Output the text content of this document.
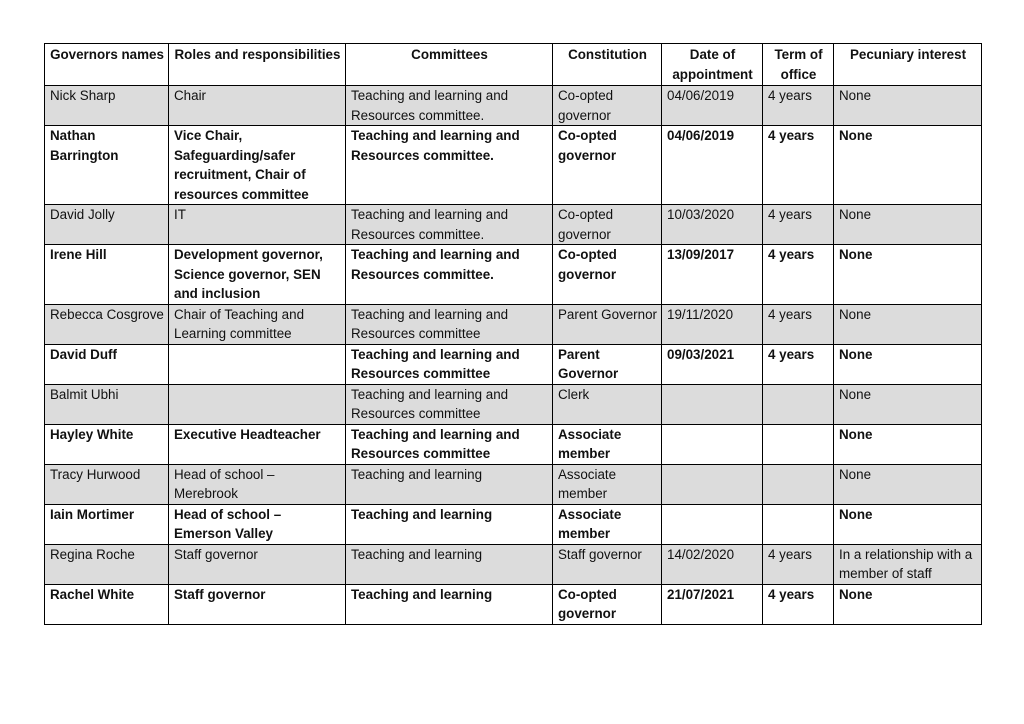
Governors names	Roles and responsibilities	Committees	Constitution	Date of appointment	Term of office	Pecuniary interest
Nick Sharp	Chair	Teaching and learning and Resources committee.	Co-opted governor	04/06/2019	4 years	None
Nathan Barrington	Vice Chair, Safeguarding/safer recruitment, Chair of resources committee	Teaching and learning and Resources committee.	Co-opted governor	04/06/2019	4 years	None
David Jolly	IT	Teaching and learning and Resources committee.	Co-opted governor	10/03/2020	4 years	None
Irene Hill	Development governor, Science governor, SEN and inclusion	Teaching and learning and Resources committee.	Co-opted governor	13/09/2017	4 years	None
Rebecca Cosgrove	Chair of Teaching and Learning committee	Teaching and learning and Resources committee	Parent Governor	19/11/2020	4 years	None
David Duff		Teaching and learning and Resources committee	Parent Governor	09/03/2021	4 years	None
Balmit Ubhi		Teaching and learning and Resources committee	Clerk			None
Hayley White	Executive Headteacher	Teaching and learning and Resources committee	Associate member			None
Tracy Hurwood	Head of school – Merebrook	Teaching and learning	Associate member			None
Iain Mortimer	Head of school – Emerson Valley	Teaching and learning	Associate member			None
Regina Roche	Staff governor	Teaching and learning	Staff governor	14/02/2020	4 years	In a relationship with a member of staff
Rachel White	Staff governor	Teaching and learning	Co-opted governor	21/07/2021	4 years	None
